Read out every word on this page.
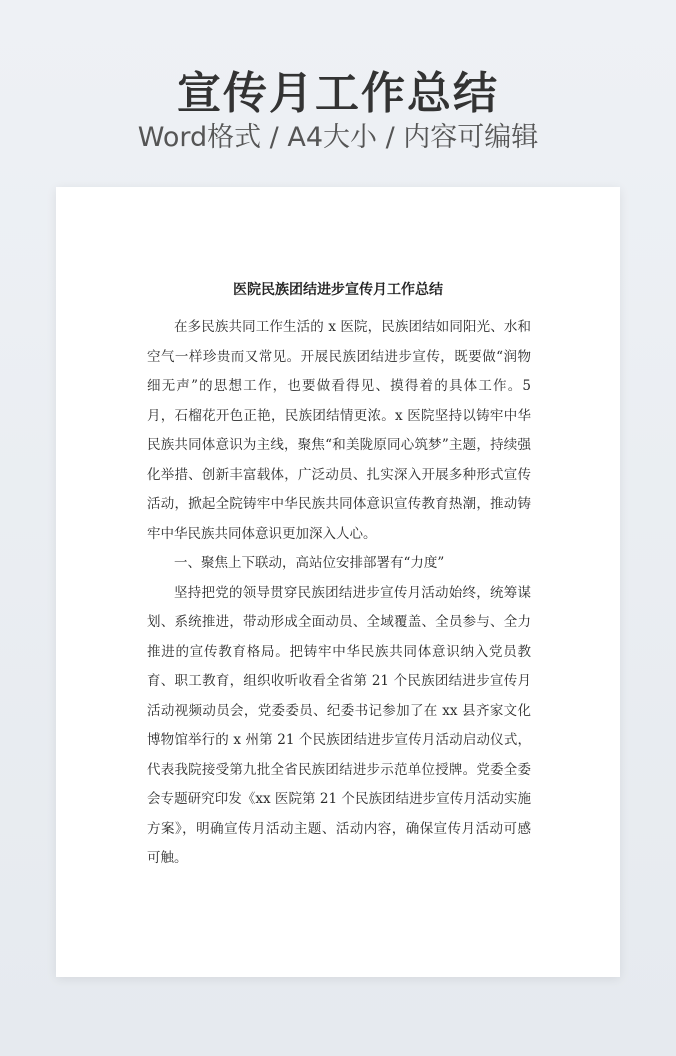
宣传月工作总结
Word格式 / A4大小 / 内容可编辑
医院民族团结进步宣传月工作总结

在多民族共同工作生活的 x 医院，民族团结如同阳光、水和空气一样珍贵而又常见。开展民族团结进步宣传，既要做“润物细无声”的思想工作，也要做看得见、摸得着的具体工作。5 月，石榴花开色正艳，民族团结情更浓。x 医院坚持以铸牢中华民族共同体意识为主线，聚焦“和美陇原同心筑梦”主题，持续强化举措、创新丰富载体，广泛动员、扎实深入开展多种形式宣传活动，掀起全院铸牢中华民族共同体意识宣传教育热潮，推动铸牢中华民族共同体意识更加深入人心。

一、聚焦上下联动，高站位安排部署有“力度”

坚持把党的领导贯穿民族团结进步宣传月活动始终，统筹谋划、系统推进，带动形成全面动员、全域覆盖、全员参与、全力推进的宣传教育格局。把铸牢中华民族共同体意识纳入党员教育、职工教育，组织收听收看全省第 21 个民族团结进步宣传月活动视频动员会，党委委员、纪委书记参加了在 xx 县齐家文化博物馆举行的 x 州第 21 个民族团结进步宣传月活动启动仪式，代表我院接受第九批全省民族团结进步示范单位授牌。党委全委会专题研究印发《xx 医院第 21 个民族团结进步宣传月活动实施方案》，明确宣传月活动主题、活动内容，确保宣传月活动可感可触。
